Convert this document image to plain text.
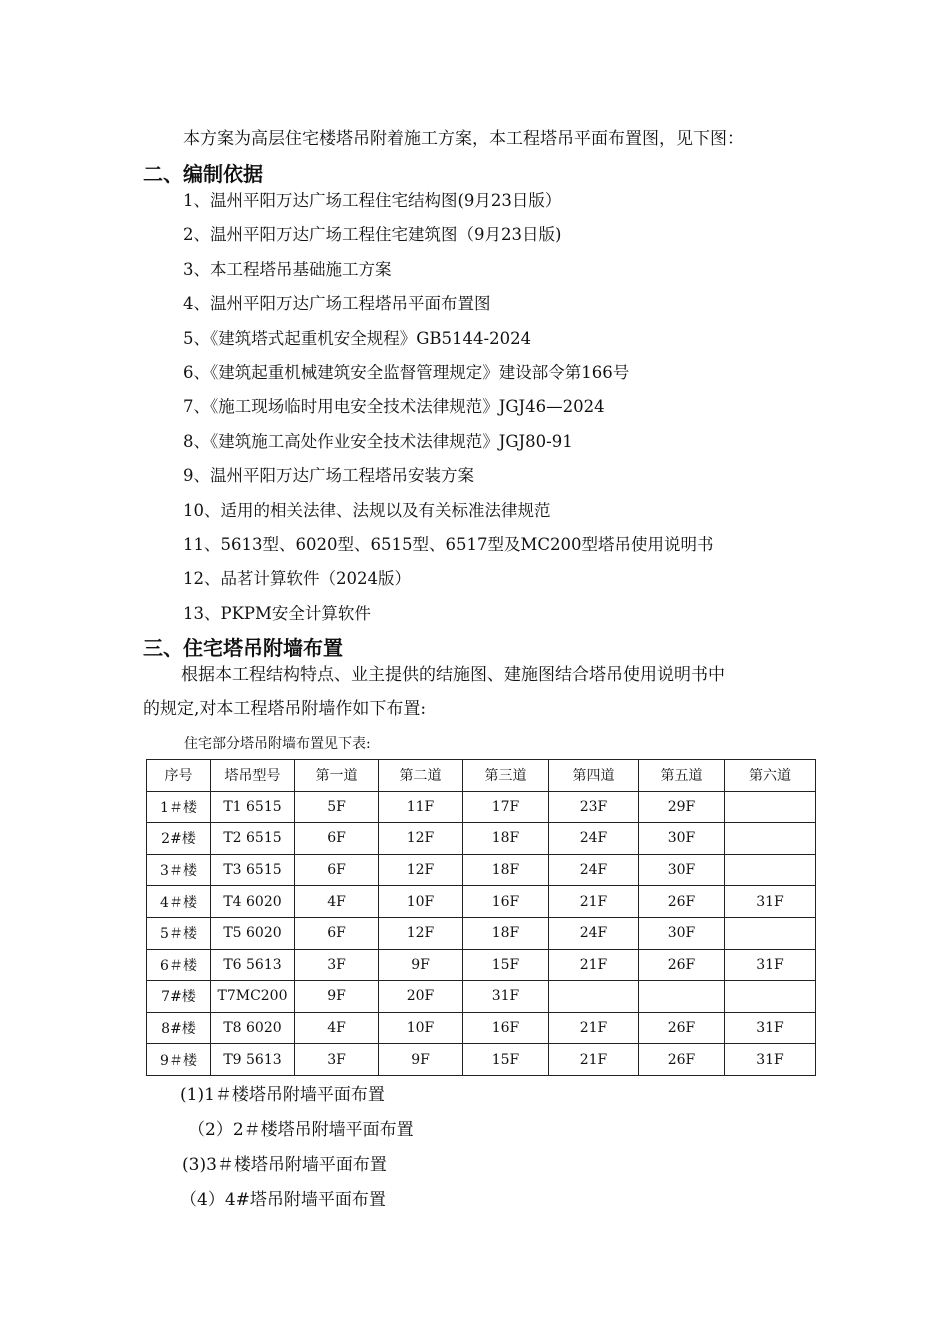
本方案为高层住宅楼塔吊附着施工方案，本工程塔吊平面布置图，见下图：
二、编制依据
1、温州平阳万达广场工程住宅结构图(9月23日版）
2、温州平阳万达广场工程住宅建筑图（9月23日版)
3、本工程塔吊基础施工方案
4、温州平阳万达广场工程塔吊平面布置图
5、《建筑塔式起重机安全规程》GB5144-2024
6、《建筑起重机械建筑安全监督管理规定》建设部令第166号
7、《施工现场临时用电安全技术法律规范》JGJ46—2024
8、《建筑施工高处作业安全技术法律规范》JGJ80-91
9、温州平阳万达广场工程塔吊安装方案
10、适用的相关法律、法规以及有关标准法律规范
11、5613型、6020型、6515型、6517型及MC200型塔吊使用说明书
12、品茗计算软件（2024版）
13、PKPM安全计算软件
三、住宅塔吊附墙布置
根据本工程结构特点、业主提供的结施图、建施图结合塔吊使用说明书中
的规定,对本工程塔吊附墙作如下布置:
住宅部分塔吊附墙布置见下表:
序号	塔吊型号	第一道	第二道	第三道	第四道	第五道	第六道
1＃楼	T1 6515	5F	11F	17F	23F	29F	
2#楼	T2 6515	6F	12F	18F	24F	30F	
3＃楼	T3 6515	6F	12F	18F	24F	30F	
4＃楼	T4 6020	4F	10F	16F	21F	26F	31F
5＃楼	T5 6020	6F	12F	18F	24F	30F	
6＃楼	T6 5613	3F	9F	15F	21F	26F	31F
7#楼	T7MC200	9F	20F	31F			
8#楼	T8 6020	4F	10F	16F	21F	26F	31F
9＃楼	T9 5613	3F	9F	15F	21F	26F	31F
(1)1＃楼塔吊附墙平面布置
（2）2＃楼塔吊附墙平面布置
(3)3＃楼塔吊附墙平面布置
（4）4#塔吊附墙平面布置
